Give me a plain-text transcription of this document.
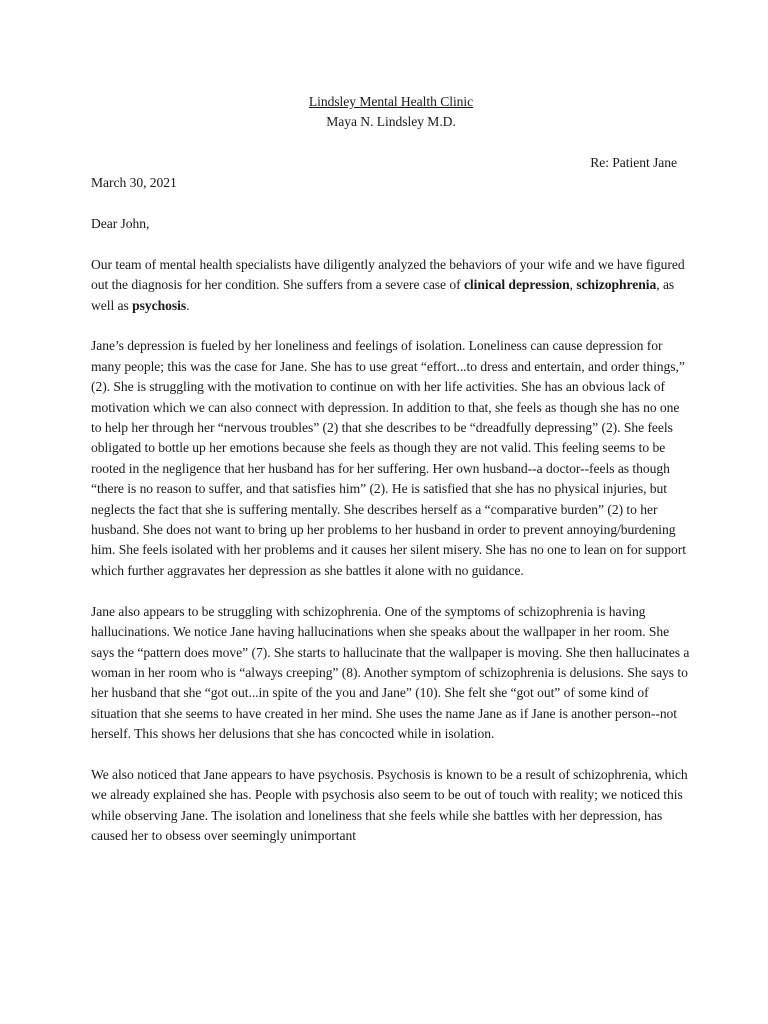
Lindsley Mental Health Clinic
Maya N. Lindsley M.D.
Re: Patient Jane
March 30, 2021
Dear John,

Our team of mental health specialists have diligently analyzed the behaviors of your wife and we have figured out the diagnosis for her condition. She suffers from a severe case of clinical depression, schizophrenia, as well as psychosis.

Jane’s depression is fueled by her loneliness and feelings of isolation. Loneliness can cause depression for many people; this was the case for Jane. She has to use great “effort...to dress and entertain, and order things,” (2). She is struggling with the motivation to continue on with her life activities. She has an obvious lack of motivation which we can also connect with depression. In addition to that, she feels as though she has no one to help her through her “nervous troubles” (2) that she describes to be “dreadfully depressing” (2). She feels obligated to bottle up her emotions because she feels as though they are not valid. This feeling seems to be rooted in the negligence that her husband has for her suffering. Her own husband--a doctor--feels as though “there is no reason to suffer, and that satisfies him” (2). He is satisfied that she has no physical injuries, but neglects the fact that she is suffering mentally. She describes herself as a “comparative burden” (2) to her husband. She does not want to bring up her problems to her husband in order to prevent annoying/burdening him. She feels isolated with her problems and it causes her silent misery. She has no one to lean on for support which further aggravates her depression as she battles it alone with no guidance.

Jane also appears to be struggling with schizophrenia. One of the symptoms of schizophrenia is having hallucinations. We notice Jane having hallucinations when she speaks about the wallpaper in her room. She says the “pattern does move” (7). She starts to hallucinate that the wallpaper is moving. She then hallucinates a woman in her room who is “always creeping” (8). Another symptom of schizophrenia is delusions. She says to her husband that she “got out...in spite of the you and Jane” (10). She felt she “got out” of some kind of situation that she seems to have created in her mind. She uses the name Jane as if Jane is another person--not herself. This shows her delusions that she has concocted while in isolation.

We also noticed that Jane appears to have psychosis. Psychosis is known to be a result of schizophrenia, which we already explained she has. People with psychosis also seem to be out of touch with reality; we noticed this while observing Jane. The isolation and loneliness that she feels while she battles with her depression, has caused her to obsess over seemingly unimportant
